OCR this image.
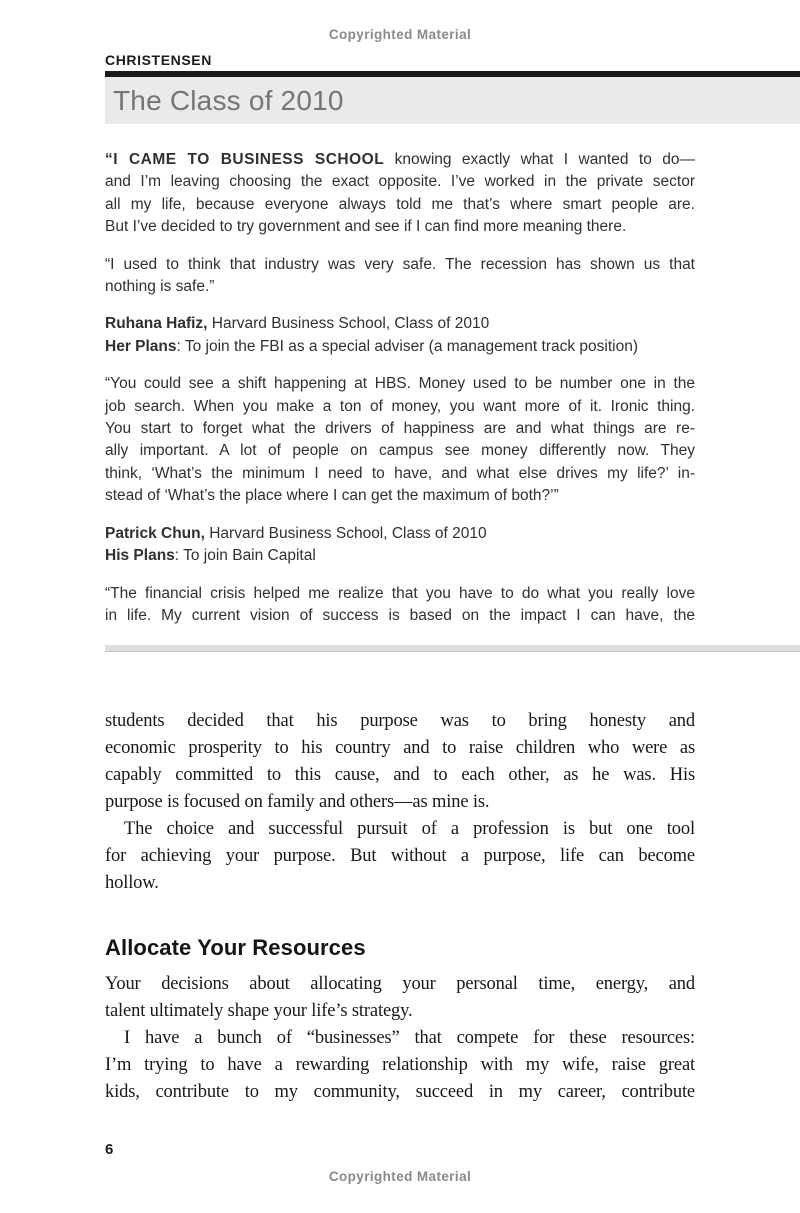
Copyrighted Material
CHRISTENSEN
The Class of 2010
“I CAME TO BUSINESS SCHOOL knowing exactly what I wanted to do—
and I’m leaving choosing the exact opposite. I’ve worked in the private sector
all my life, because everyone always told me that’s where smart people are.
But I’ve decided to try government and see if I can find more meaning there.
“I used to think that industry was very safe. The recession has shown us that
nothing is safe.”
Ruhana Hafiz, Harvard Business School, Class of 2010
Her Plans: To join the FBI as a special adviser (a management track position)
“You could see a shift happening at HBS. Money used to be number one in the
job search. When you make a ton of money, you want more of it. Ironic thing.
You start to forget what the drivers of happiness are and what things are re-
ally important. A lot of people on campus see money differently now. They
think, ‘What’s the minimum I need to have, and what else drives my life?’ in-
stead of ‘What’s the place where I can get the maximum of both?’”
Patrick Chun, Harvard Business School, Class of 2010
His Plans: To join Bain Capital
“The financial crisis helped me realize that you have to do what you really love
in life. My current vision of success is based on the impact I can have, the
students decided that his purpose was to bring honesty and
economic prosperity to his country and to raise children who were as
capably committed to this cause, and to each other, as he was. His
purpose is focused on family and others—as mine is.
The choice and successful pursuit of a profession is but one tool
for achieving your purpose. But without a purpose, life can become
hollow.
Allocate Your Resources
Your decisions about allocating your personal time, energy, and
talent ultimately shape your life’s strategy.
I have a bunch of “businesses” that compete for these resources:
I’m trying to have a rewarding relationship with my wife, raise great
kids, contribute to my community, succeed in my career, contribute
6
Copyrighted Material
